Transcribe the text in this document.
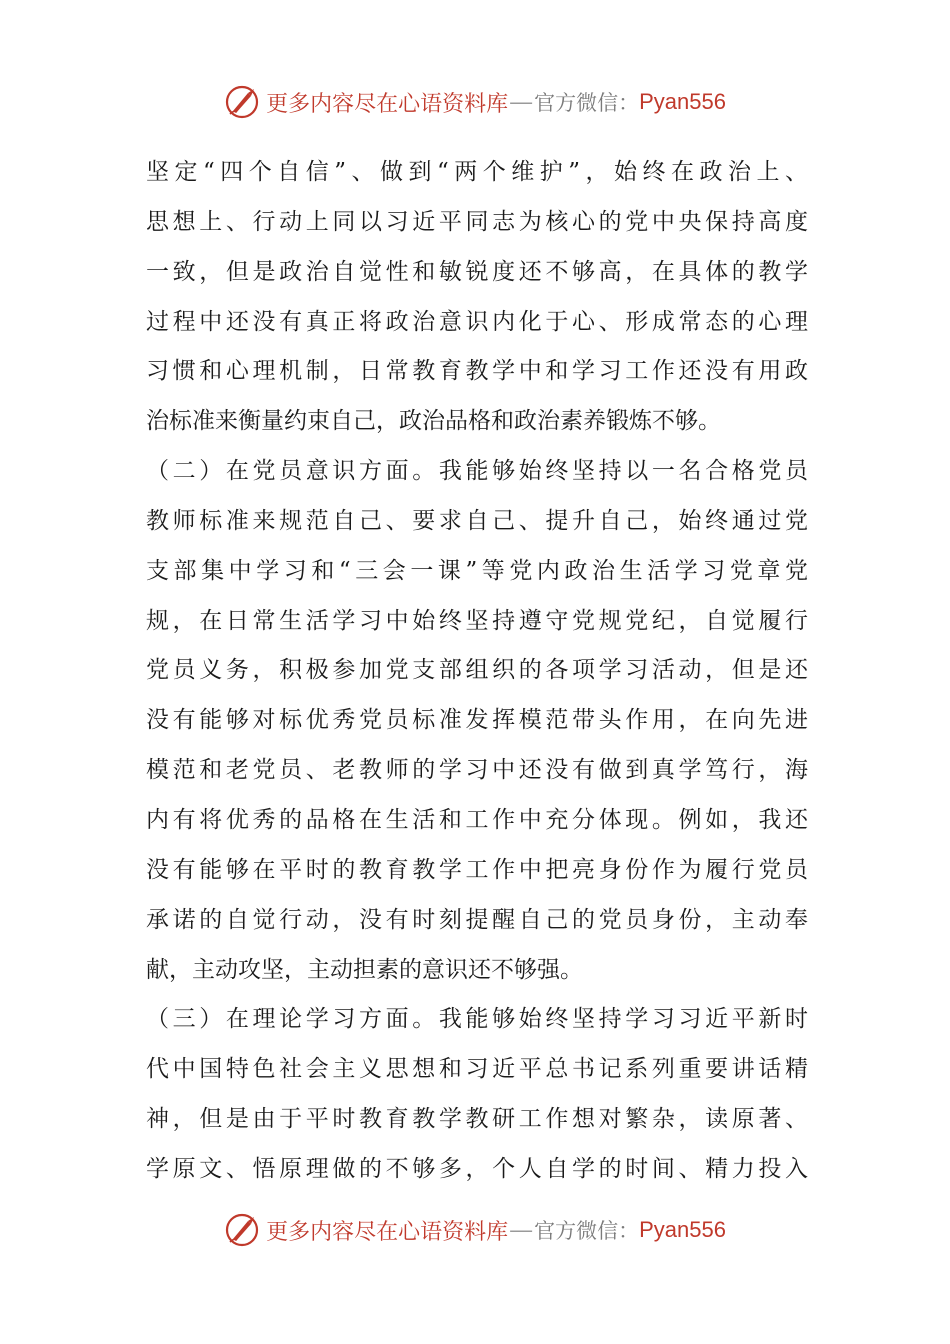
更多内容尽在心语资料库 — 官方微信： Pyan556
坚定“四个自信”、做到“两个维护”，始终在政治上、
思想上、行动上同以习近平同志为核心的党中央保持高度
一致，但是政治自觉性和敏锐度还不够高，在具体的教学
过程中还没有真正将政治意识内化于心、形成常态的心理
习惯和心理机制，日常教育教学中和学习工作还没有用政
治标准来衡量约束自己，政治品格和政治素养锻炼不够。
（二）在党员意识方面。我能够始终坚持以一名合格党员
教师标准来规范自己、要求自己、提升自己，始终通过党
支部集中学习和“三会一课”等党内政治生活学习党章党
规，在日常生活学习中始终坚持遵守党规党纪，自觉履行
党员义务，积极参加党支部组织的各项学习活动，但是还
没有能够对标优秀党员标准发挥模范带头作用，在向先进
模范和老党员、老教师的学习中还没有做到真学笃行，海
内有将优秀的品格在生活和工作中充分体现。例如，我还
没有能够在平时的教育教学工作中把亮身份作为履行党员
承诺的自觉行动，没有时刻提醒自己的党员身份，主动奉
献，主动攻坚，主动担素的意识还不够强。
（三）在理论学习方面。我能够始终坚持学习习近平新时
代中国特色社会主义思想和习近平总书记系列重要讲话精
神，但是由于平时教育教学教研工作想对繁杂，读原著、
学原文、悟原理做的不够多，个人自学的时间、精力投入
更多内容尽在心语资料库 — 官方微信： Pyan556
